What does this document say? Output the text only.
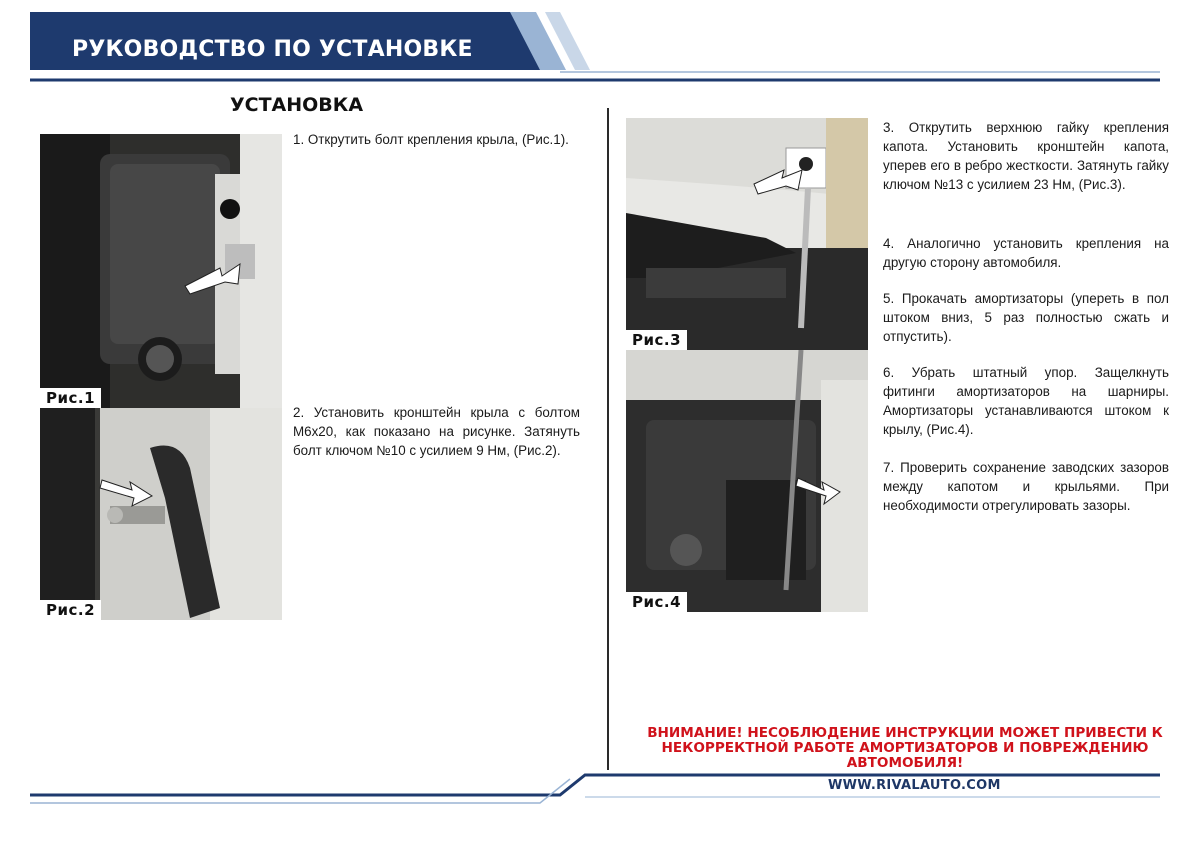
РУКОВОДСТВО ПО УСТАНОВКЕ
УСТАНОВКА
Рис.1
Рис.2
Рис.3
Рис.4
1. Открутить болт крепления крыла, (Рис.1).
2. Установить кронштейн крыла с болтом М6х20, как показано на рисунке. Затянуть болт ключом №10 с усилием 9 Нм, (Рис.2).
3. Открутить верхнюю гайку крепления капота. Установить кронштейн капота, уперев его в ребро жесткости. Затянуть гайку ключом №13 с усилием 23 Нм, (Рис.3).
4. Аналогично установить крепления на другую сторону автомобиля.
5. Прокачать амортизаторы (упереть в пол штоком вниз, 5 раз полностью сжать и отпустить).
6. Убрать штатный упор. Защелкнуть фитинги амортизаторов на шарниры. Амортизаторы устанавливаются штоком к крылу, (Рис.4).
7. Проверить сохранение заводских зазоров между капотом и крыльями. При необходимости отрегулировать зазоры.
ВНИМАНИЕ! НЕСОБЛЮДЕНИЕ ИНСТРУКЦИИ МОЖЕТ ПРИВЕСТИ К НЕКОРРЕКТНОЙ РАБОТЕ АМОРТИЗАТОРОВ И ПОВРЕЖДЕНИЮ АВТОМОБИЛЯ!
WWW.RIVALAUTO.COM
